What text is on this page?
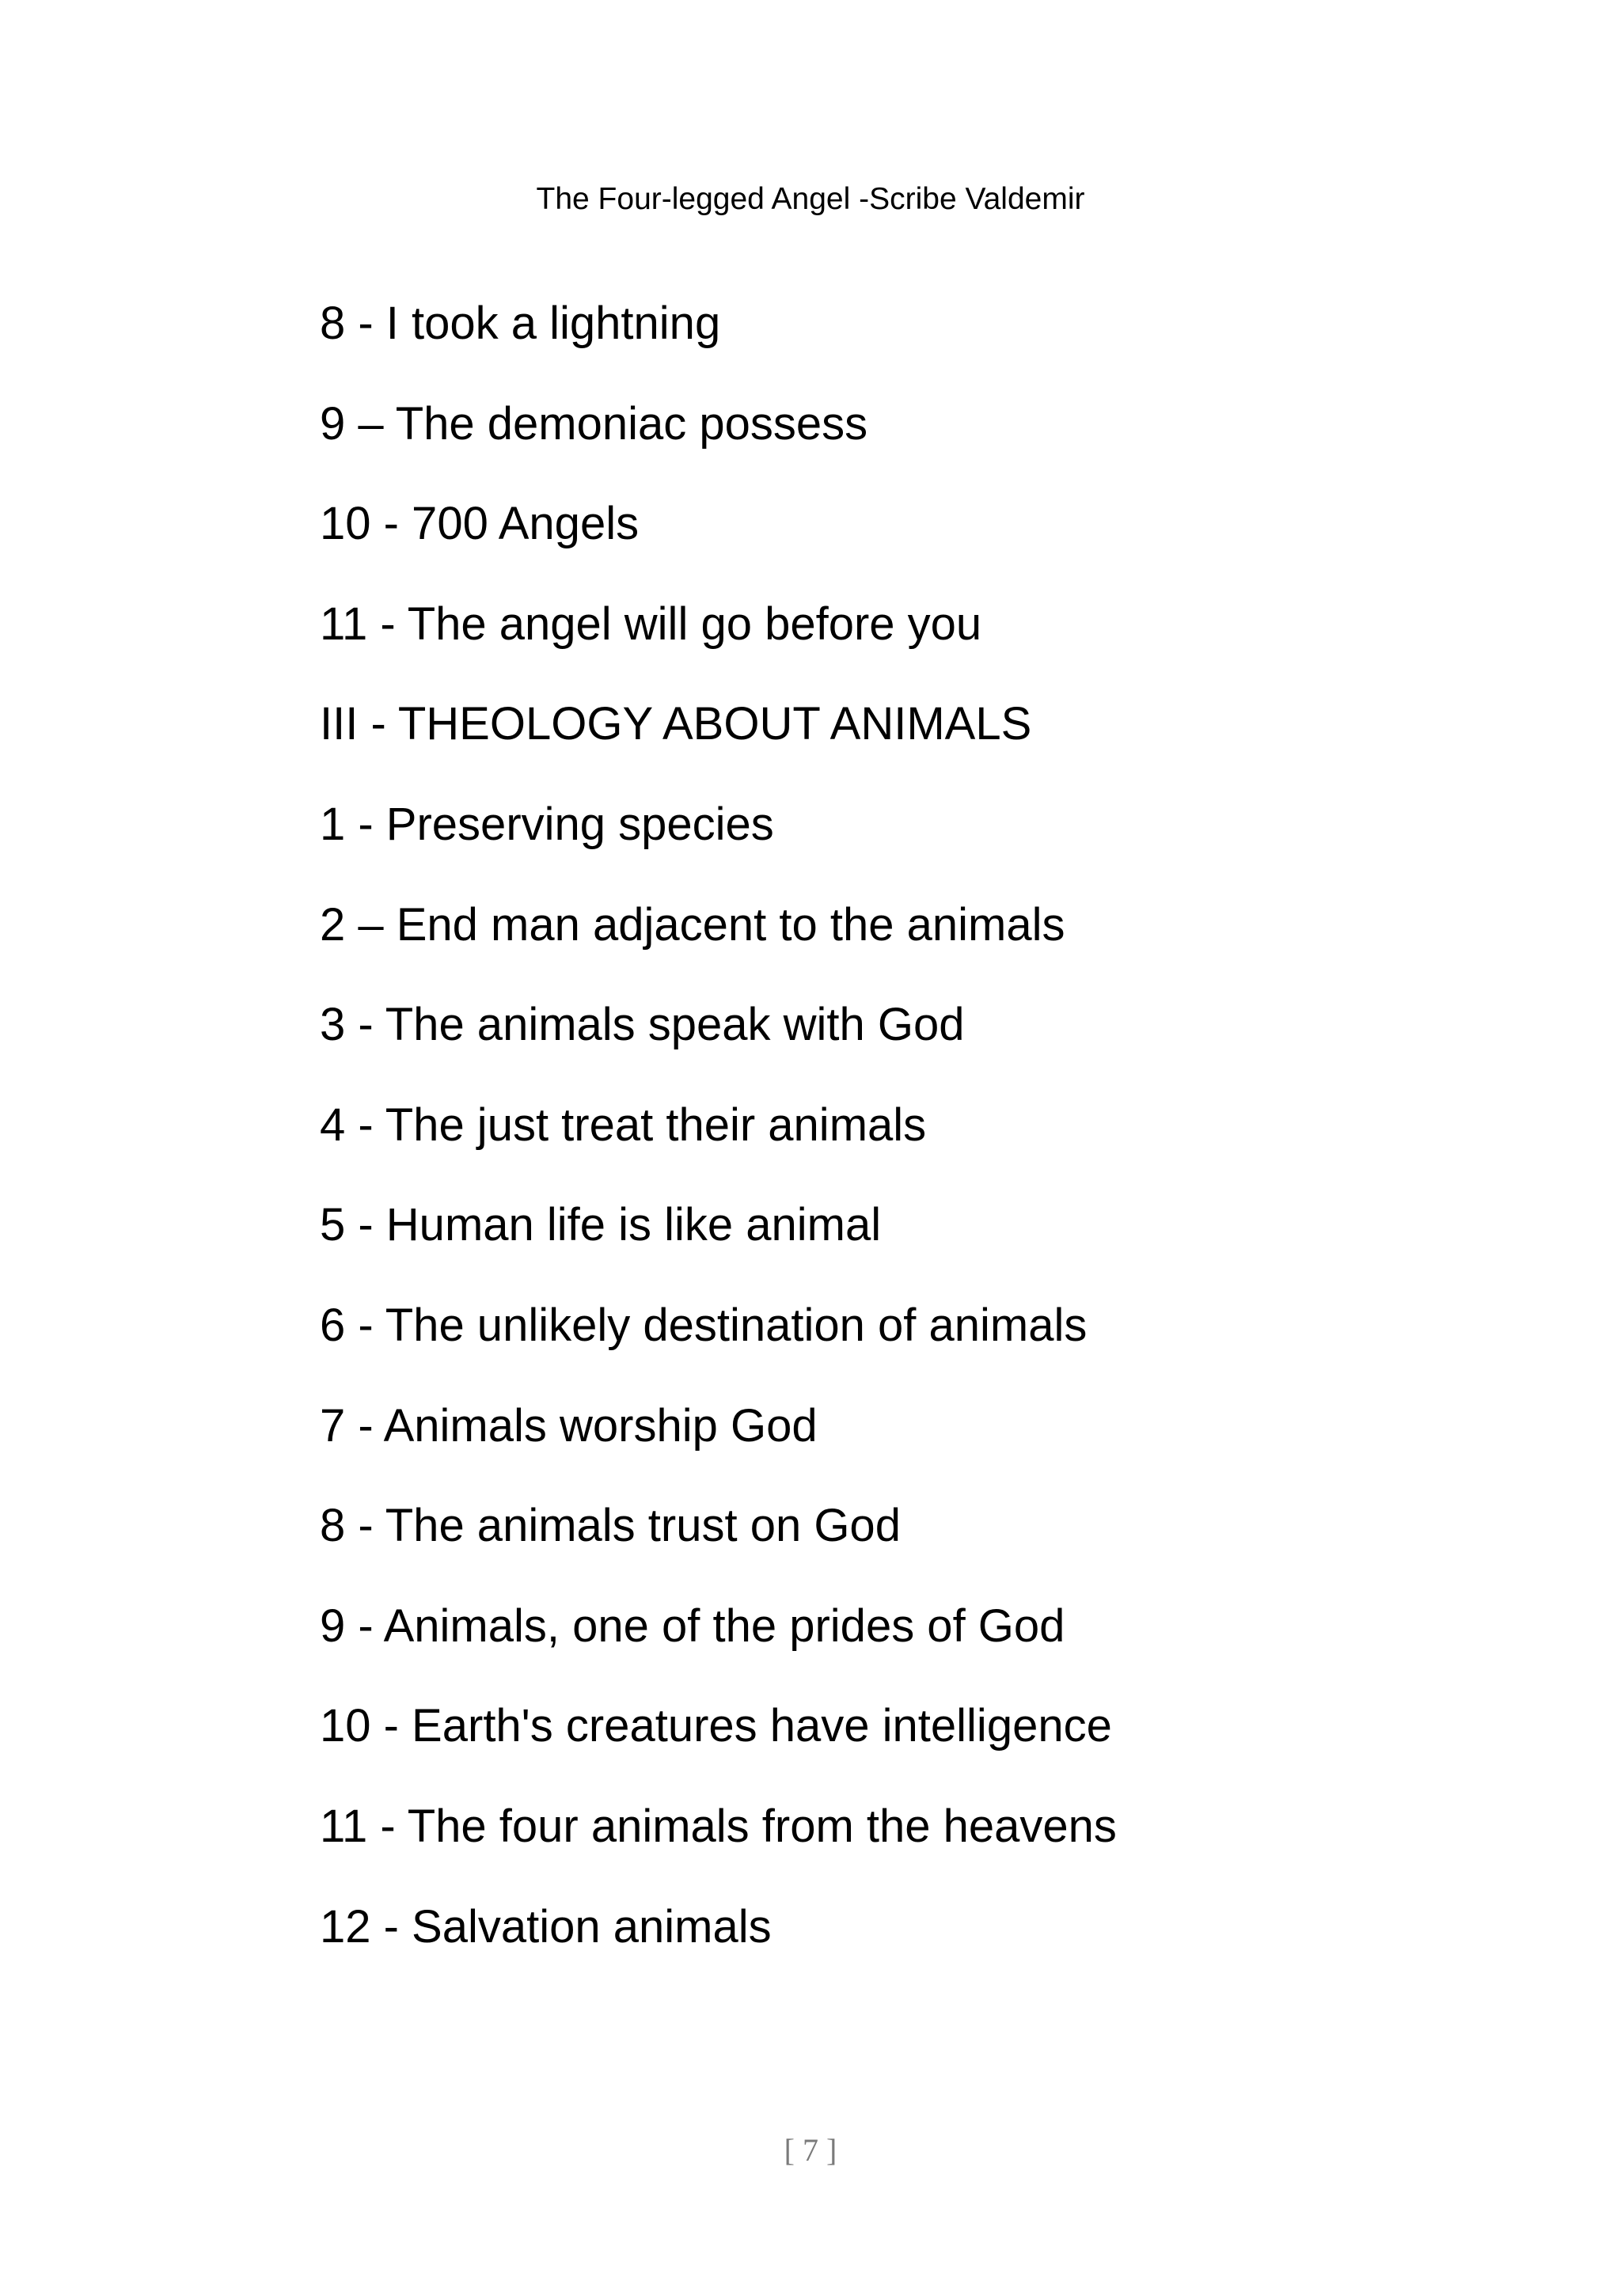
The Four-legged Angel -Scribe Valdemir
8 - I took a lightning
9 – The demoniac possess
10 - 700 Angels
11 - The angel will go before you
III - THEOLOGY ABOUT ANIMALS
1 - Preserving species
2 – End man adjacent to the animals
3 - The animals speak with God
4 - The just treat their animals
5 - Human life is like animal
6 - The unlikely destination of animals
7 - Animals worship God
8 - The animals trust on God
9 - Animals, one of the prides of God
10 - Earth's creatures have intelligence
11 - The four animals from the heavens
12 - Salvation animals
[ 7 ]
